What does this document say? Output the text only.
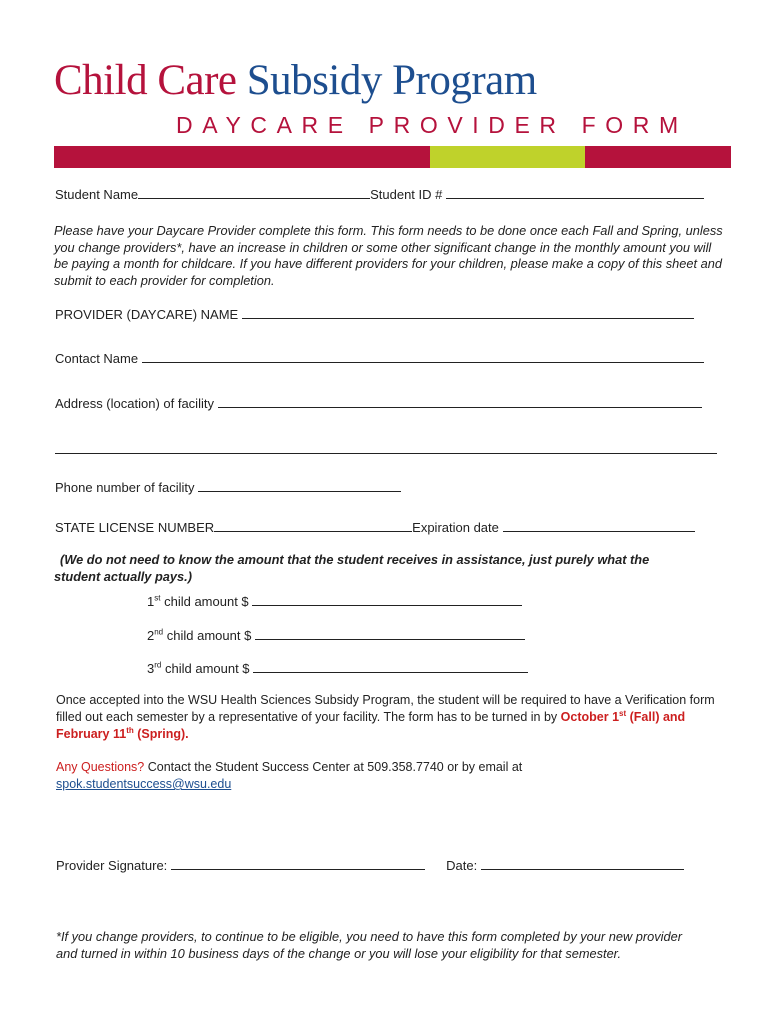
Child Care Subsidy Program
DAYCARE PROVIDER FORM
Student Name	Student ID #
Please have your Daycare Provider complete this form. This form needs to be done once each Fall and Spring, unless you change providers*, have an increase in children or some other significant change in the monthly amount you will be paying a month for childcare. If you have different providers for your children, please make a copy of this sheet and submit to each provider for completion.
PROVIDER (DAYCARE) NAME
Contact Name
Address (location) of facility
Phone number of facility
STATE LICENSE NUMBER	Expiration date
(We do not need to know the amount that the student receives in assistance, just purely what the student actually pays.)
1st child amount $
2nd child amount $
3rd child amount $
Once accepted into the WSU Health Sciences Subsidy Program, the student will be required to have a Verification form filled out each semester by a representative of your facility. The form has to be turned in by October 1st (Fall) and February 11th (Spring).
Any Questions? Contact the Student Success Center at 509.358.7740 or by email at
spok.studentsuccess@wsu.edu
Provider Signature:	Date:
*If you change providers, to continue to be eligible, you need to have this form completed by your new provider and turned in within 10 business days of the change or you will lose your eligibility for that semester.
